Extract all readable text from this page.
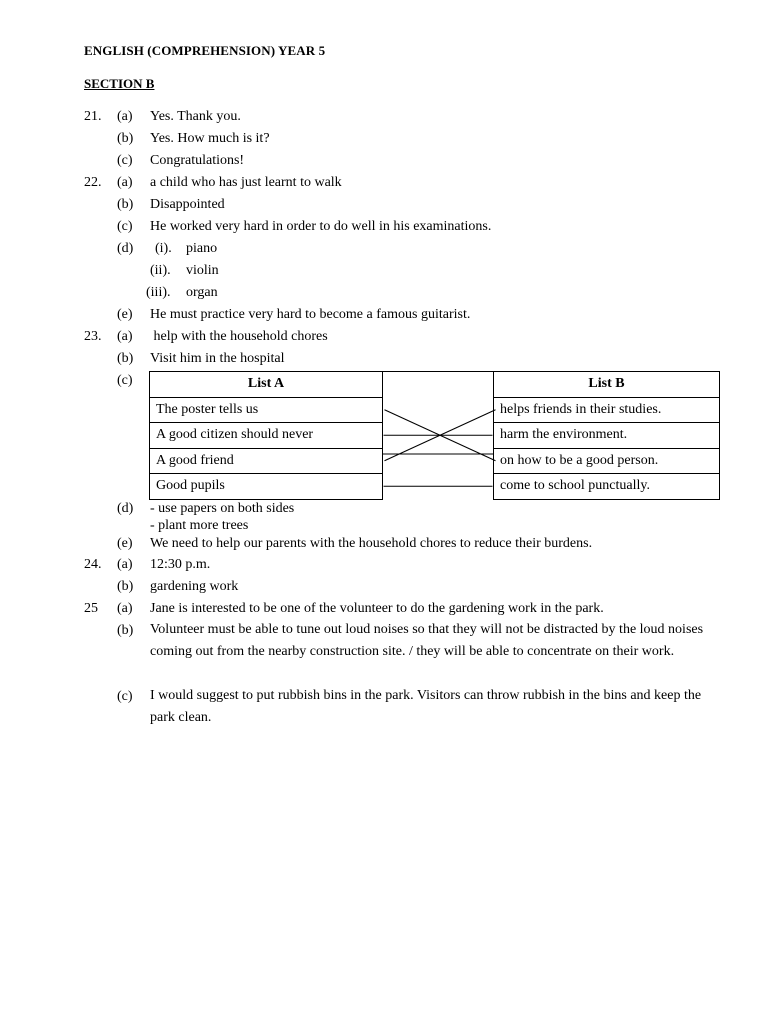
ENGLISH (COMPREHENSION) YEAR 5
SECTION B
21. (a) Yes. Thank you.
(b) Yes. How much is it?
(c) Congratulations!
22. (a) a child who has just learnt to walk
(b) Disappointed
(c) He worked very hard in order to do well in his examinations.
(d) (i). piano
(ii). violin
(iii). organ
(e) He must practice very hard to become a famous guitarist.
23. (a) help with the household chores
(b) Visit him in the hospital
(c)	List A		List B
The poster tells us		helps friends in their studies.
A good citizen should never		harm the environment.
A good friend		on how to be a good person.
Good pupils		come to school punctually.
(d) - use papers on both sides
- plant more trees
(e) We need to help our parents with the household chores to reduce their burdens.
24. (a) 12:30 p.m.
(b) gardening work
25 (a) Jane is interested to be one of the volunteer to do the gardening work in the park.
(b) Volunteer must be able to tune out loud noises so that they will not be distracted by the loud noises coming out from the nearby construction site. / they will be able to concentrate on their work.
(c) I would suggest to put rubbish bins in the park. Visitors can throw rubbish in the bins and keep the park clean.
